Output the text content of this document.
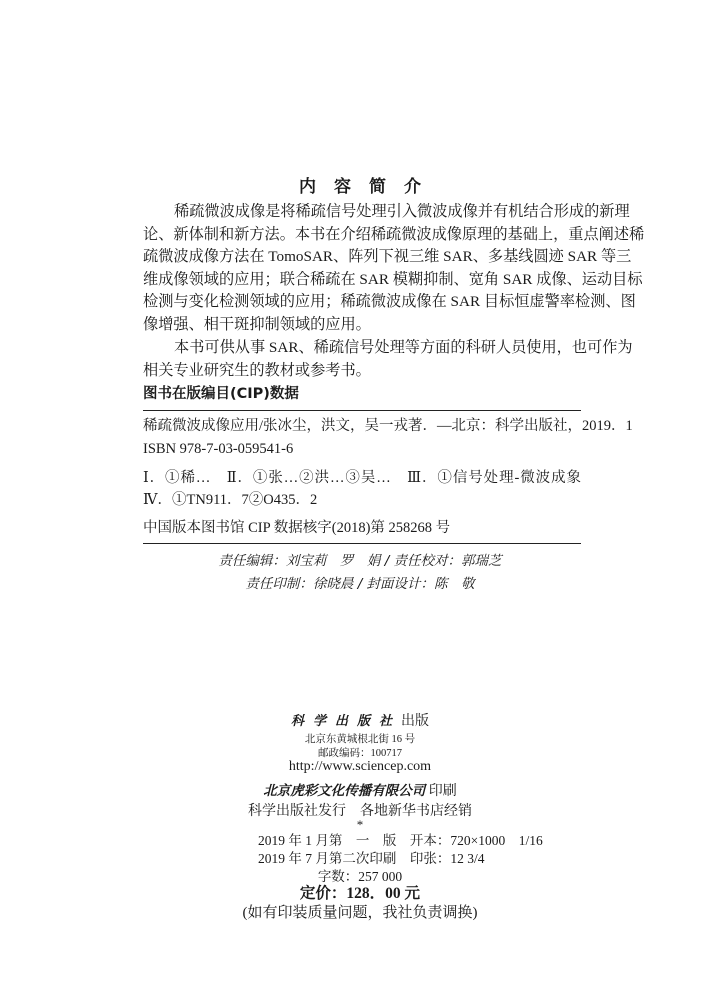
内容简介
稀疏微波成像是将稀疏信号处理引入微波成像并有机结合形成的新理
论、新体制和新方法。本书在介绍稀疏微波成像原理的基础上，重点阐述稀
疏微波成像方法在 TomoSAR、阵列下视三维 SAR、多基线圆迹 SAR 等三
维成像领域的应用；联合稀疏在 SAR 模糊抑制、宽角 SAR 成像、运动目标
检测与变化检测领域的应用；稀疏微波成像在 SAR 目标恒虚警率检测、图
像增强、相干斑抑制领域的应用。
本书可供从事 SAR、稀疏信号处理等方面的科研人员使用，也可作为
相关专业研究生的教材或参考书。
图书在版编目(CIP)数据
稀疏微波成像应用/张冰尘，洪文，吴一戎著．—北京：科学出版社，2019．1
ISBN 978-7-03-059541-6
Ⅰ．①稀…　Ⅱ．①张…②洪…③吴…　Ⅲ．①信号处理-微波成象
Ⅳ．①TN911．7②O435．2
中国版本图书馆 CIP 数据核字(2018)第 258268 号
责任编辑：刘宝莉　罗　娟 / 责任校对：郭瑞芝
责任印制：徐晓晨 / 封面设计：陈　敬
科学出版社出版
北京东黄城根北街 16 号
邮政编码：100717
http://www.sciencep.com
北京虎彩文化传播有限公司 印刷
科学出版社发行　各地新华书店经销
*
2019 年 1 月第　一　版　开本：720×1000　1/16
2019 年 7 月第二次印刷　印张：12 3/4
字数：257 000
定价：128．00 元
(如有印装质量问题，我社负责调换)
